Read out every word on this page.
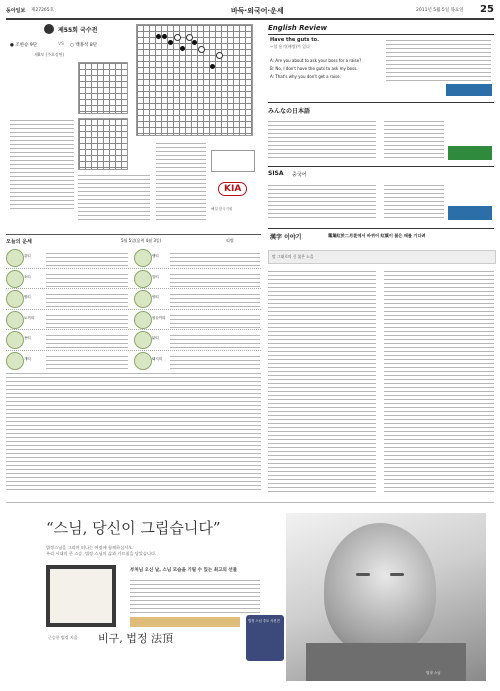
동아일보 제27265호	바둑·외국어·운세	2011년 5월 5일 목요일 25
제55회 국수전
● 조한승 9단	VS ○ 백홍석 8단
제8보 (주요장면)
KIA
해설 한국기원
오늘의 운세	5월 5일(음력 4월 3일)	띠별
쥐띠	뱀띠
소띠	말띠
범띠	양띠
토끼띠	원숭이띠
용띠	닭띠
개띠	돼지띠
English Review
Have the guts to.
~할 용기(배짱)가 있다
A: Are you about to ask your boss for a raise?
B: No, I don't have the guts to ask my boss.
A: That's why you don't get a raise.
みんなの日本語
SISA 중국어
漢字 이야기	霜葉紅於二月花에서 바뀌어 紅葉이 붉은 때를 기다려
말 그대로의 신 붉은 노을
“스님, 당신이 그립습니다”
법정스님을 그리며 떠나는 여정에 함께하십시오.
우리 시대의 큰 스승, 법정 스님의 삶과 가르침을 담았습니다.
부처님 오신 날, 스님 모습을 기릴 수 있는 최고의 선물
근승한 법정 지음 비구, 법정 法頂
법정 스님 추모 사진전
법정 스님
